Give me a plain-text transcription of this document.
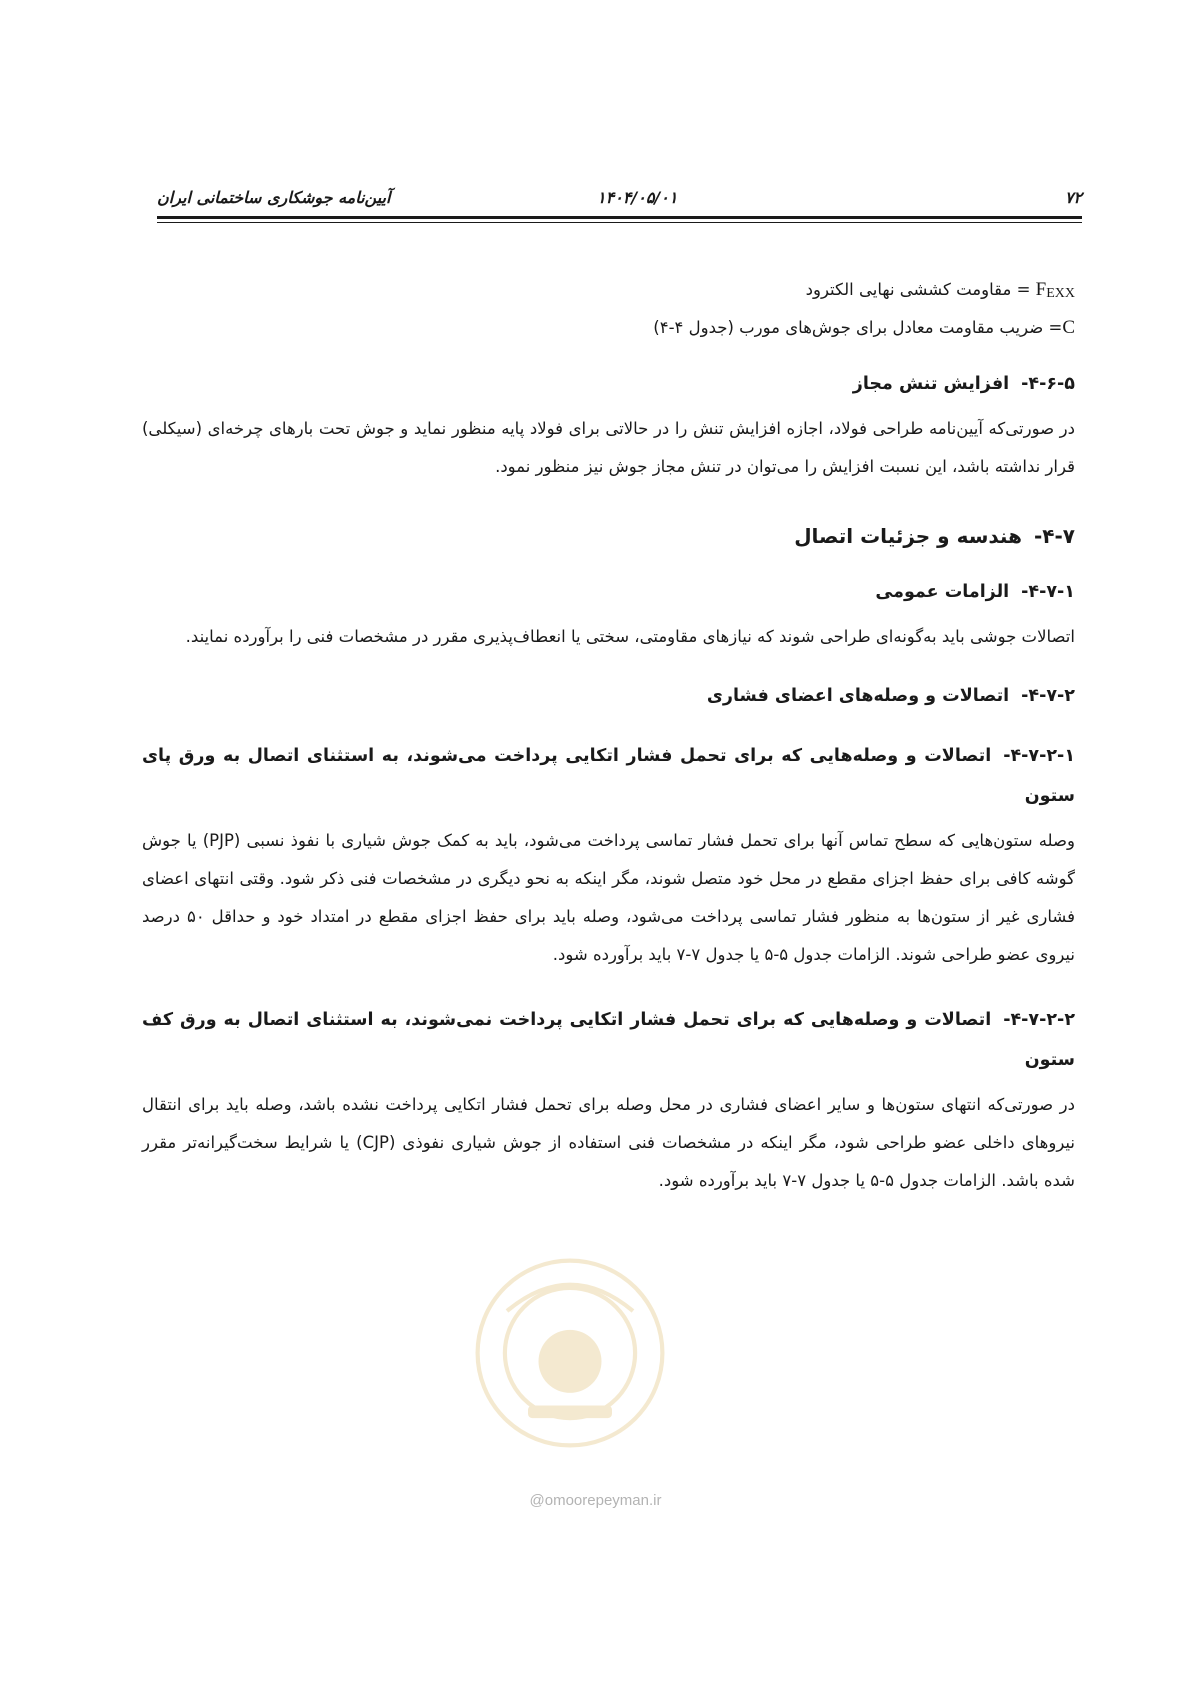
۷۲
۱۴۰۴/۰۵/۰۱
آیین‌نامه جوشکاری ساختمانی ایران

$F_{EXX}$ = مقاومت کششی نهایی الکترود

C= ضریب مقاومت معادل برای جوش‌های مورب (جدول ۴-۴)

۴-۶-۵-افزایش تنش مجاز

در صورتی‌که آیین‌نامه طراحی فولاد، اجازه افزایش تنش را در حالاتی برای فولاد پایه منظور نماید و جوش تحت بارهای چرخه‌ای (سیکلی) قرار نداشته باشد، این نسبت افزایش را می‌توان در تنش مجاز جوش نیز منظور نمود.

۴-۷-هندسه و جزئیات اتصال
۴-۷-۱-الزامات عمومی

اتصالات جوشی باید به‌گونه‌ای طراحی شوند که نیازهای مقاومتی، سختی یا انعطاف‌پذیری مقرر در مشخصات فنی را برآورده نمایند.

۴-۷-۲-اتصالات و وصله‌های اعضای فشاری
۴-۷-۲-۱-اتصالات و وصله‌هایی که برای تحمل فشار اتکایی پرداخت می‌شوند، به استثنای اتصال به ورق پای ستون

وصله ستون‌هایی که سطح تماس آنها برای تحمل فشار تماسی پرداخت می‌شود، باید به کمک جوش شیاری با نفوذ نسبی (PJP) یا جوش گوشه کافی برای حفظ اجزای مقطع در محل خود متصل شوند، مگر اینکه به نحو دیگری در مشخصات فنی ذکر شود. وقتی انتهای اعضای فشاری غیر از ستون‌ها به منظور فشار تماسی پرداخت می‌شود، وصله باید برای حفظ اجزای مقطع در امتداد خود و حداقل ۵۰ درصد نیروی عضو طراحی شوند. الزامات جدول ۵-۵ یا جدول ۷-۷ باید برآورده شود.

۴-۷-۲-۲-اتصالات و وصله‌هایی که برای تحمل فشار اتکایی پرداخت نمی‌شوند، به استثنای اتصال به ورق کف ستون

در صورتی‌که انتهای ستون‌ها و سایر اعضای فشاری در محل وصله برای تحمل فشار اتکایی پرداخت نشده باشد، وصله باید برای انتقال نیروهای داخلی عضو طراحی شود، مگر اینکه در مشخصات فنی استفاده از جوش شیاری نفوذی (CJP) یا شرایط سخت‌گیرانه‌تر مقرر شده باشد. الزامات جدول ۵-۵ یا جدول ۷-۷ باید برآورده شود.

@omoorepeyman.ir
